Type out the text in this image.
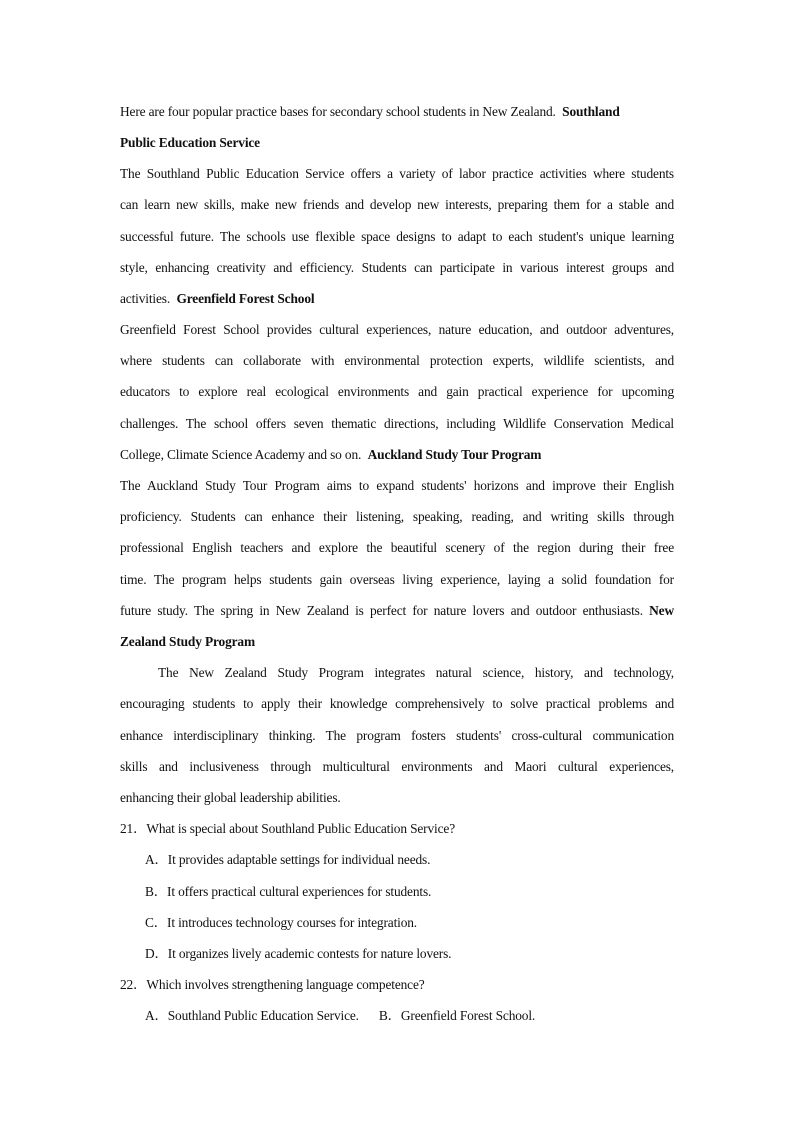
Here are four popular practice bases for secondary school students in New Zealand. Southland
Public Education Service
The Southland Public Education Service offers a variety of labor practice activities where students
can learn new skills, make new friends and develop new interests, preparing them for a stable and
successful future. The schools use flexible space designs to adapt to each student's unique learning
style, enhancing creativity and efficiency. Students can participate in various interest groups and
activities. Greenfield Forest School
Greenfield Forest School provides cultural experiences, nature education, and outdoor adventures,
where students can collaborate with environmental protection experts, wildlife scientists, and
educators to explore real ecological environments and gain practical experience for upcoming
challenges. The school offers seven thematic directions, including Wildlife Conservation Medical
College, Climate Science Academy and so on. Auckland Study Tour Program
The Auckland Study Tour Program aims to expand students' horizons and improve their English
proficiency. Students can enhance their listening, speaking, reading, and writing skills through
professional English teachers and explore the beautiful scenery of the region during their free
time. The program helps students gain overseas living experience, laying a solid foundation for
future study. The spring in New Zealand is perfect for nature lovers and outdoor enthusiasts. New
Zealand Study Program
The New Zealand Study Program integrates natural science, history, and technology,
encouraging students to apply their knowledge comprehensively to solve practical problems and
enhance interdisciplinary thinking. The program fosters students' cross-cultural communication
skills and inclusiveness through multicultural environments and Maori cultural experiences,
enhancing their global leadership abilities.
21．What is special about Southland Public Education Service?
A．It provides adaptable settings for individual needs.
B．It offers practical cultural experiences for students.
C．It introduces technology courses for integration.
D．It organizes lively academic contests for nature lovers.
22．Which involves strengthening language competence?
A．Southland Public Education Service. B．Greenfield Forest School.
